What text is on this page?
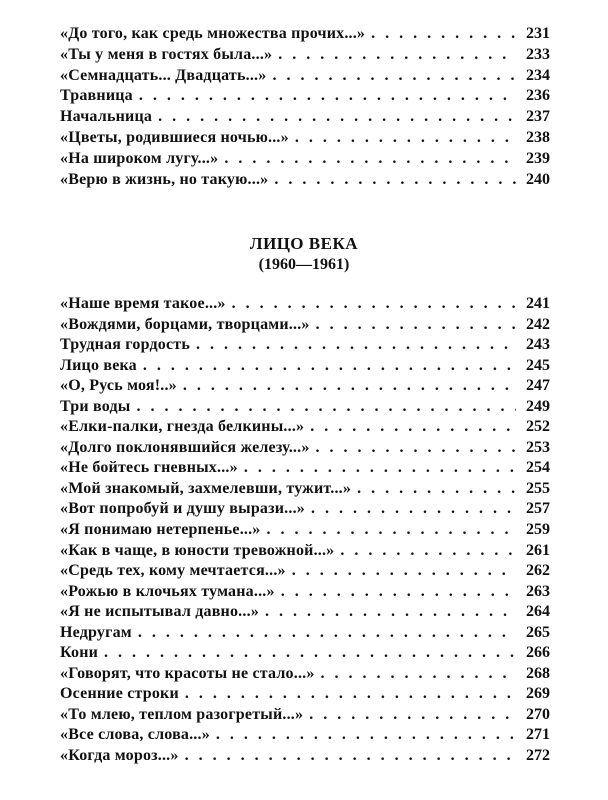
«До того, как средь множества прочих...» . . .	231
«Ты у меня в гостях была...» . . .	233
«Семнадцать... Двадцать...» . . .	234
Травница . . .	236
Начальница . . .	237
«Цветы, родившиеся ночью...» . . .	238
«На широком лугу...» . . .	239
«Верю в жизнь, но такую...» . . .	240
ЛИЦО ВЕКА
(1960—1961)
«Наше время такое...» . . .	241
«Вождями, борцами, творцами...» . . .	242
Трудная гордость . . .	243
Лицо века . . .	245
«О, Русь моя!..» . . .	247
Три воды . . .	249
«Елки-палки, гнезда белкины...» . . .	252
«Долго поклонявшийся железу...» . . .	253
«Не бойтесь гневных...» . . .	254
«Мой знакомый, захмелевши, тужит...» . . .	255
«Вот попробуй и душу вырази...» . . .	257
«Я понимаю нетерпенье...» . . .	259
«Как в чаще, в юности тревожной...» . . .	261
«Средь тех, кому мечтается...» . . .	262
«Рожью в клочьях тумана...» . . .	263
«Я не испытывал давно...» . . .	264
Недругам . . .	265
Кони . . .	266
«Говорят, что красоты не стало...» . . .	268
Осенние строки . . .	269
«То млею, теплом разогретый...» . . .	270
«Все слова, слова...» . . .	271
«Когда мороз...» . . .	272
